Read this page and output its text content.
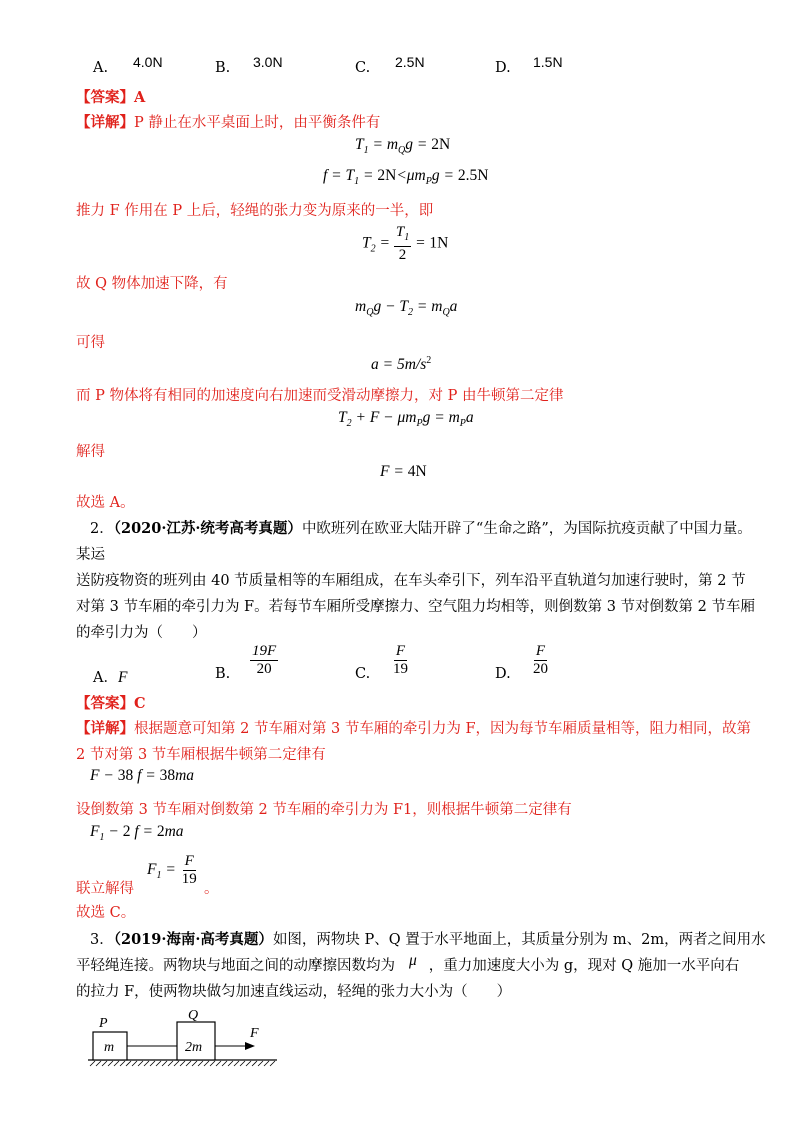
A. 4.0N	B. 3.0N	C. 2.5N	D. 1.5N
【答案】A
【详解】P 静止在水平桌面上时，由平衡条件有
$T_1 = m_Qg = 2N$
$f = T_1 = 2N<\mu m_Pg = 2.5N$
推力 F 作用在 P 上后，轻绳的张力变为原来的一半，即
$T_2 = \frac{T_1}{2} = 1N$
故 Q 物体加速下降，有
$m_Qg - T_2 = m_Qa$
可得
$a = 5m/s^2$
而 P 物体将有相同的加速度向右加速而受滑动摩擦力，对 P 由牛顿第二定律
$T_2 + F - \mu m_Pg = m_Pa$
解得
F = 4N
故选 A。
2．（2020·江苏·统考高考真题）中欧班列在欧亚大陆开辟了“生命之路”，为国际抗疫贡献了中国力量。
某运
送防疫物资的班列由 40 节质量相等的车厢组成，在车头牵引下，列车沿平直轨道匀加速行驶时，第 2 节
对第 3 节车厢的牵引力为 F。若每节车厢所受摩擦力、空气阻力均相等，则倒数第 3 节对倒数第 2 节车厢
的牵引力为（　　）
A．F	B. $\frac{19F}{20}$	C. $\frac{F}{19}$	D. $\frac{F}{20}$
【答案】C
【详解】根据题意可知第 2 节车厢对第 3 节车厢的牵引力为 F，因为每节车厢质量相等，阻力相同，故第
2 节对第 3 节车厢根据牛顿第二定律有
F − 38 f = 38ma
设倒数第 3 节车厢对倒数第 2 节车厢的牵引力为 F1，则根据牛顿第二定律有
$F_1 - 2$ f = 2ma
联立解得
$F_1 = \frac{F}{19}$
。
故选 C。
3．（2019·海南·高考真题）如图，两物块 P、Q 置于水平地面上，其质量分别为 m、2m，两者之间用水
平轻绳连接。两物块与地面之间的动摩擦因数均为 μ ，重力加速度大小为 g，现对 Q 施加一水平向右
的拉力 F，使两物块做匀加速直线运动，轻绳的张力大小为（　　）
P
Q
m	2m
F
